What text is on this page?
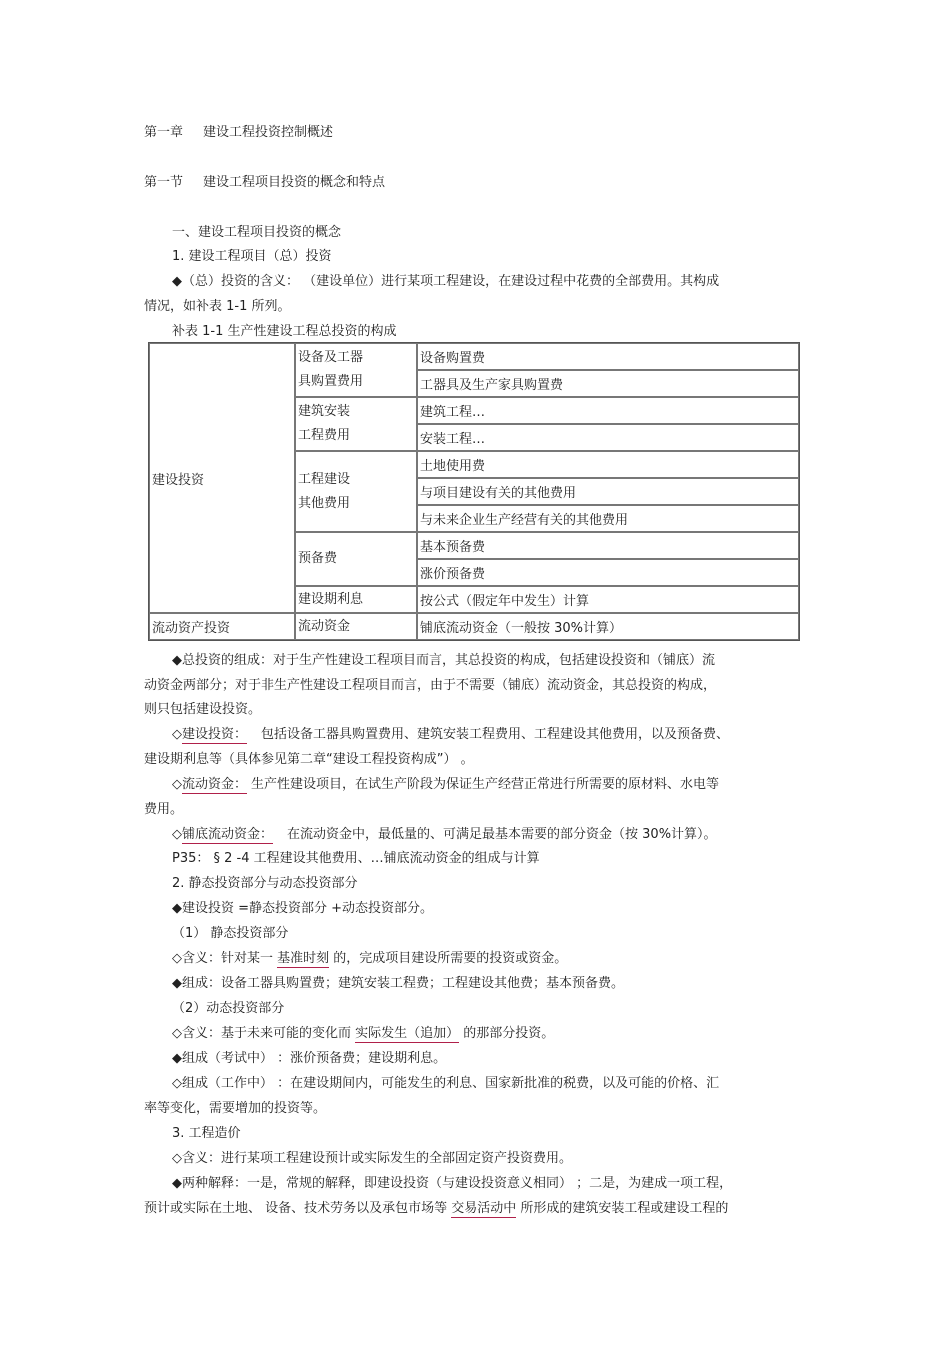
第一章 建设工程投资控制概述
第一节 建设工程项目投资的概念和特点
一、建设工程项目投资的概念
1. 建设工程项目（总）投资
◆（总）投资的含义： （建设单位）进行某项工程建设，在建设过程中花费的全部费用。其构成
情况，如补表 1-1 所列。
补表 1-1 生产性建设工程总投资的构成
建设投资	设备及工器
具购置费用	设备购置费
		工器具及生产家具购置费
	建筑安装
工程费用	建筑工程…
		安装工程…
	工程建设
其他费用	土地使用费
		与项目建设有关的其他费用
		与未来企业生产经营有关的其他费用
	预备费	基本预备费
		涨价预备费
	建设期利息	按公式（假定年中发生）计算
流动资产投资	流动资金	铺底流动资金（一般按 30%计算）
◆总投资的组成：对于生产性建设工程项目而言，其总投资的构成，包括建设投资和（铺底）流
动资金两部分；对于非生产性建设工程项目而言，由于不需要（铺底）流动资金，其总投资的构成，
则只包括建设投资。
◇建设投资： 包括设备工器具购置费用、建筑安装工程费用、工程建设其他费用，以及预备费、
建设期利息等（具体参见第二章“建设工程投资构成”） 。
◇流动资金： 生产性建设项目，在试生产阶段为保证生产经营正常进行所需要的原材料、水电等
费用。
◇铺底流动资金： 在流动资金中，最低量的、可满足最基本需要的部分资金（按 30%计算）。
P35： § 2 -4 工程建设其他费用、…铺底流动资金的组成与计算
2. 静态投资部分与动态投资部分
◆建设投资 =静态投资部分 +动态投资部分。
（1） 静态投资部分
◇含义：针对某一 基准时刻 的，完成项目建设所需要的投资或资金。
◆组成：设备工器具购置费；建筑安装工程费；工程建设其他费；基本预备费。
（2）动态投资部分
◇含义：基于未来可能的变化而 实际发生（追加） 的那部分投资。
◆组成（考试中） ：涨价预备费；建设期利息。
◇组成（工作中） ：在建设期间内，可能发生的利息、国家新批准的税费，以及可能的价格、汇
率等变化，需要增加的投资等。
3. 工程造价
◇含义：进行某项工程建设预计或实际发生的全部固定资产投资费用。
◆两种解释：一是，常规的解释，即建设投资（与建设投资意义相同） ；二是，为建成一项工程，
预计或实际在土地、 设备、技术劳务以及承包市场等 交易活动中 所形成的建筑安装工程或建设工程的
